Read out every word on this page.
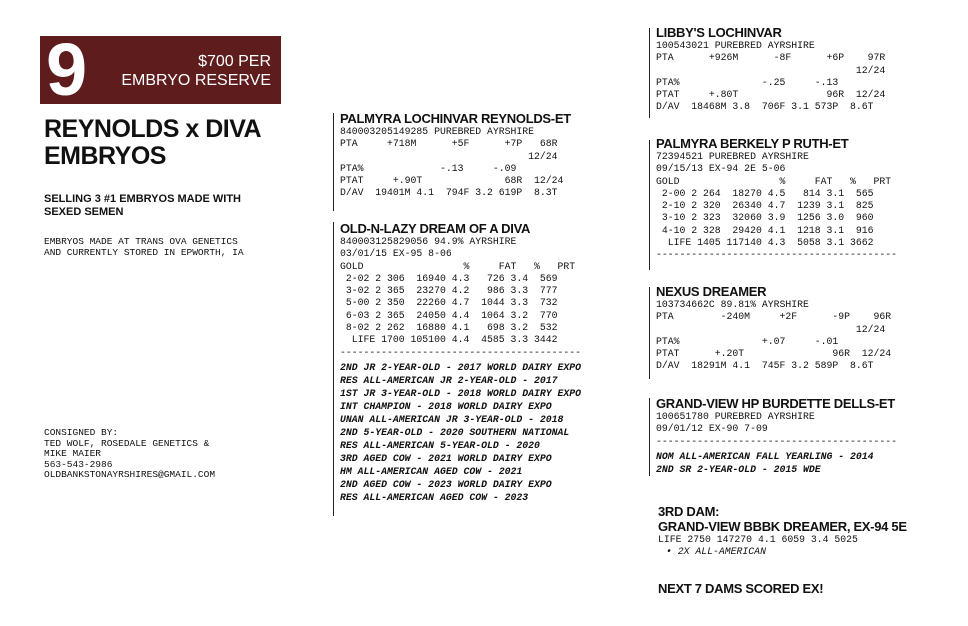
9	$700 PER
EMBRYO RESERVE
REYNOLDS x DIVA
EMBRYOS
SELLING 3 #1 EMBRYOS MADE WITH
SEXED SEMEN
EMBRYOS MADE AT TRANS OVA GENETICS
AND CURRENTLY STORED IN EPWORTH, IA
CONSIGNED BY:
TED WOLF, ROSEDALE GENETICS &
MIKE MAIER
563-543-2986
OLDBANKSTONAYRSHIRES@GMAIL.COM
PALMYRA LOCHINVAR REYNOLDS-ET
840003205149285 PUREBRED AYRSHIRE
PTA     +718M      +5F      +7P   68R
12/24
PTA%             -.13     -.09
PTAT     +.90T              68R  12/24
D/AV  19401M 4.1  794F 3.2 619P  8.3T
OLD-N-LAZY DREAM OF A DIVA
840003125829056 94.9% AYRSHIRE
03/01/15 EX-95 8-06
GOLD                 %     FAT   %   PRT
2-02 2 306  16940 4.3   726 3.4  569
3-02 2 365  23270 4.2   986 3.3  777
5-00 2 350  22260 4.7  1044 3.3  732
6-03 2 365  24050 4.4  1064 3.2  770
8-02 2 262  16880 4.1   698 3.2  532
LIFE 1700 105100 4.4  4585 3.3 3442
-----------------------------------------
2ND JR 2-YEAR-OLD - 2017 WORLD DAIRY EXPO
RES ALL-AMERICAN JR 2-YEAR-OLD - 2017
1ST JR 3-YEAR-OLD - 2018 WORLD DAIRY EXPO
INT CHAMPION - 2018 WORLD DAIRY EXPO
UNAN ALL-AMERICAN JR 3-YEAR-OLD - 2018
2ND 5-YEAR-OLD - 2020 SOUTHERN NATIONAL
RES ALL-AMERICAN 5-YEAR-OLD - 2020
3RD AGED COW - 2021 WORLD DAIRY EXPO
HM ALL-AMERICAN AGED COW - 2021
2ND AGED COW - 2023 WORLD DAIRY EXPO
RES ALL-AMERICAN AGED COW - 2023
LIBBY'S LOCHINVAR
100543021 PUREBRED AYRSHIRE
PTA      +926M      -8F      +6P    97R
12/24
PTA%              -.25     -.13
PTAT     +.80T               96R  12/24
D/AV  18468M 3.8  706F 3.1 573P  8.6T
PALMYRA BERKELY P RUTH-ET
72394521 PUREBRED AYRSHIRE
09/15/13 EX-94 2E 5-06
GOLD                 %     FAT   %   PRT
2-00 2 264  18270 4.5   814 3.1  565
2-10 2 320  26340 4.7  1239 3.1  825
3-10 2 323  32060 3.9  1256 3.0  960
4-10 2 328  29420 4.1  1218 3.1  916
LIFE 1405 117140 4.3  5058 3.1 3662
-----------------------------------------
NEXUS DREAMER
103734662C 89.81% AYRSHIRE
PTA        -240M     +2F      -9P    96R
12/24
PTA%              +.07     -.01
PTAT      +.20T               96R  12/24
D/AV  18291M 4.1  745F 3.2 589P  8.6T
GRAND-VIEW HP BURDETTE DELLS-ET
100651780 PUREBRED AYRSHIRE
09/01/12 EX-90 7-09
-----------------------------------------
NOM ALL-AMERICAN FALL YEARLING - 2014
2ND SR 2-YEAR-OLD - 2015 WDE
3RD DAM:
GRAND-VIEW BBBK DREAMER, EX-94 5E
LIFE 2750 147270 4.1 6059 3.4 5025
• 2X ALL-AMERICAN
NEXT 7 DAMS SCORED EX!
